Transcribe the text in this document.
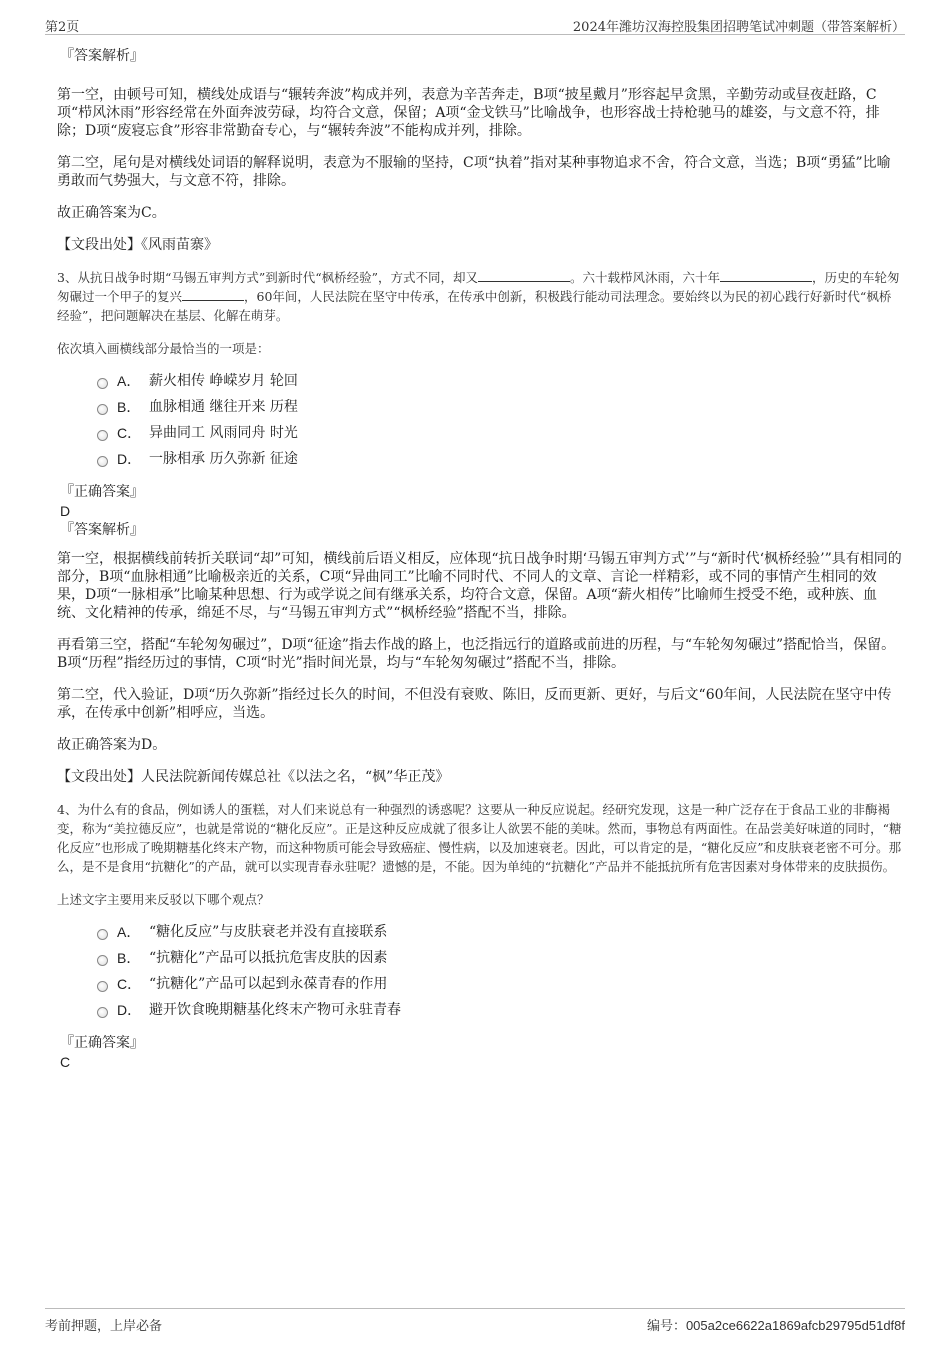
第2页	2024年潍坊汉海控股集团招聘笔试冲刺题（带答案解析）
『答案解析』
第一空，由顿号可知，横线处成语与“辗转奔波”构成并列，表意为辛苦奔走，B项“披星戴月”形容起早贪黑，辛勤劳动或昼夜赶路，C项“栉风沐雨”形容经常在外面奔波劳碌，均符合文意，保留；A项“金戈铁马”比喻战争，也形容战士持枪驰马的雄姿，与文意不符，排除；D项“废寝忘食”形容非常勤奋专心，与“辗转奔波”不能构成并列，排除。
第二空，尾句是对横线处词语的解释说明，表意为不服输的坚持，C项“执着”指对某种事物追求不舍，符合文意，当选；B项“勇猛”比喻勇敢而气势强大，与文意不符，排除。
故正确答案为C。
【文段出处】《风雨苗寨》
3、从抗日战争时期“马锡五审判方式”到新时代“枫桥经验”，方式不同，却又	。六十载栉风沐雨，六十年	，历史的车轮匆匆碾过一个甲子的复兴	，60年间，人民法院在坚守中传承，在传承中创新，积极践行能动司法理念。要始终以为民的初心践行好新时代“枫桥经验”，把问题解决在基层、化解在萌芽。
依次填入画横线部分最恰当的一项是：
A． 薪火相传 峥嵘岁月 轮回
B． 血脉相通 继往开来 历程
C． 异曲同工 风雨同舟 时光
D． 一脉相承 历久弥新 征途
『正确答案』
D
『答案解析』
第一空，根据横线前转折关联词“却”可知，横线前后语义相反，应体现“抗日战争时期‘马锡五审判方式’”与“新时代‘枫桥经验’”具有相同的部分，B项“血脉相通”比喻极亲近的关系，C项“异曲同工”比喻不同时代、不同人的文章、言论一样精彩，或不同的事情产生相同的效果，D项“一脉相承”比喻某种思想、行为或学说之间有继承关系，均符合文意，保留。A项“薪火相传”比喻师生授受不绝，或种族、血统、文化精神的传承，绵延不尽，与“马锡五审判方式”“枫桥经验”搭配不当，排除。
再看第三空，搭配“车轮匆匆碾过”，D项“征途”指去作战的路上，也泛指远行的道路或前进的历程，与“车轮匆匆碾过”搭配恰当，保留。B项“历程”指经历过的事情，C项“时光”指时间光景，均与“车轮匆匆碾过”搭配不当，排除。
第二空，代入验证，D项“历久弥新”指经过长久的时间，不但没有衰败、陈旧，反而更新、更好，与后文“60年间，人民法院在坚守中传承，在传承中创新”相呼应，当选。
故正确答案为D。
【文段出处】人民法院新闻传媒总社《以法之名，“枫”华正茂》
4、为什么有的食品，例如诱人的蛋糕，对人们来说总有一种强烈的诱惑呢？这要从一种反应说起。经研究发现，这是一种广泛存在于食品工业的非酶褐变，称为“美拉德反应”，也就是常说的“糖化反应”。正是这种反应成就了很多让人欲罢不能的美味。然而，事物总有两面性。在品尝美好味道的同时，“糖化反应”也形成了晚期糖基化终末产物，而这种物质可能会导致癌症、慢性病，以及加速衰老。因此，可以肯定的是，“糖化反应”和皮肤衰老密不可分。那么，是不是食用“抗糖化”的产品，就可以实现青春永驻呢？遗憾的是，不能。因为单纯的“抗糖化”产品并不能抵抗所有危害因素对身体带来的皮肤损伤。
上述文字主要用来反驳以下哪个观点？
A． “糖化反应”与皮肤衰老并没有直接联系
B． “抗糖化”产品可以抵抗危害皮肤的因素
C． “抗糖化”产品可以起到永葆青春的作用
D． 避开饮食晚期糖基化终末产物可永驻青春
『正确答案』
C
考前押题，上岸必备	编号：005a2ce6622a1869afcb29795d51df8f
